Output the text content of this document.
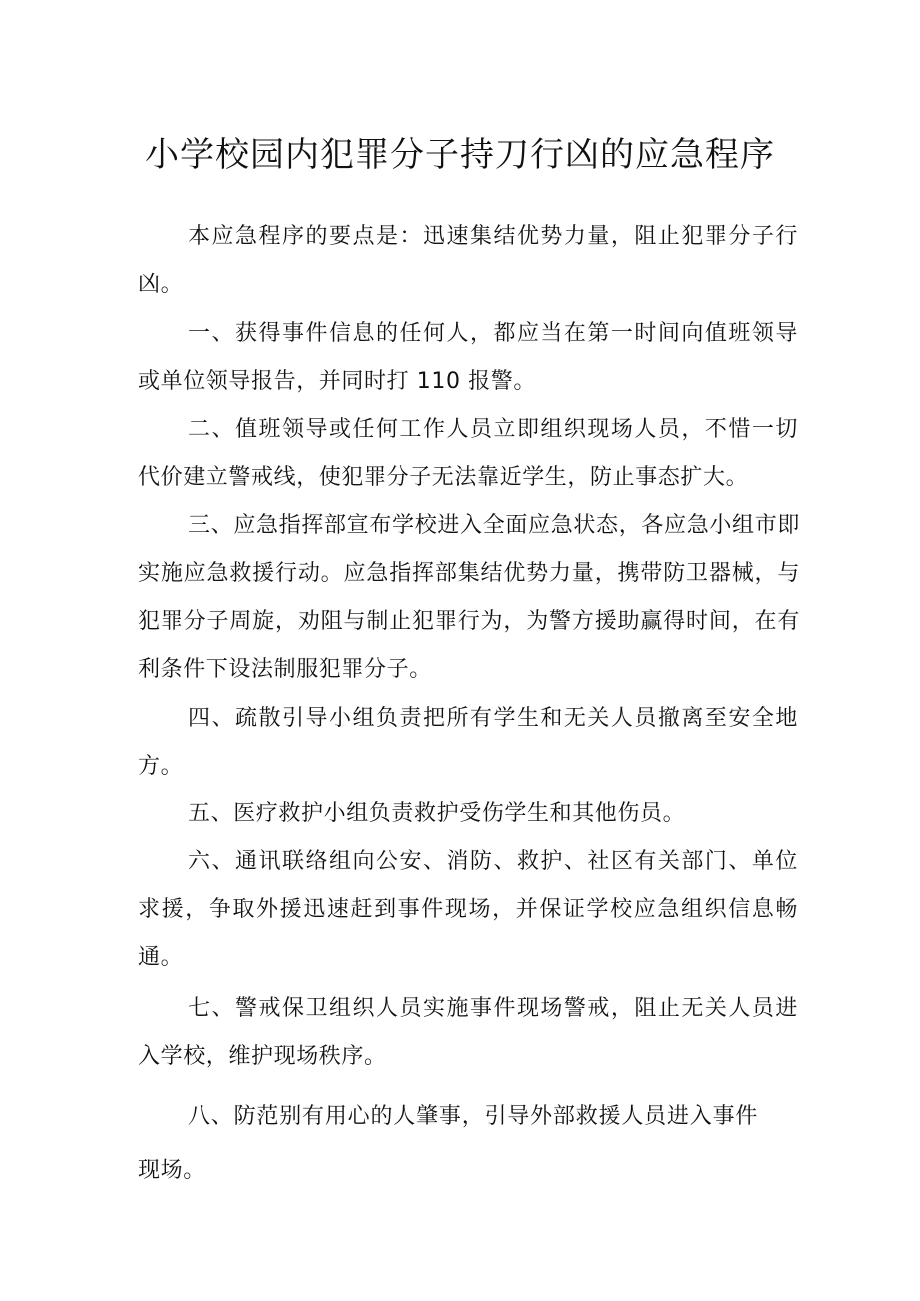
小学校园内犯罪分子持刀行凶的应急程序

本应急程序的要点是：迅速集结优势力量，阻止犯罪分子行凶。

一、获得事件信息的任何人，都应当在第一时间向值班领导或单位领导报告，并同时打 110 报警。

二、值班领导或任何工作人员立即组织现场人员，不惜一切代价建立警戒线，使犯罪分子无法靠近学生，防止事态扩大。

三、应急指挥部宣布学校进入全面应急状态，各应急小组市即实施应急救援行动。应急指挥部集结优势力量，携带防卫器械，与犯罪分子周旋，劝阻与制止犯罪行为，为警方援助赢得时间，在有利条件下设法制服犯罪分子。

四、疏散引导小组负责把所有学生和无关人员撤离至安全地方。

五、医疗救护小组负责救护受伤学生和其他伤员。

六、通讯联络组向公安、消防、救护、社区有关部门、单位求援，争取外援迅速赶到事件现场，并保证学校应急组织信息畅通。

七、警戒保卫组织人员实施事件现场警戒，阻止无关人员进入学校，维护现场秩序。

八、防范别有用心的人肇事，引导外部救援人员进入事件现场。
